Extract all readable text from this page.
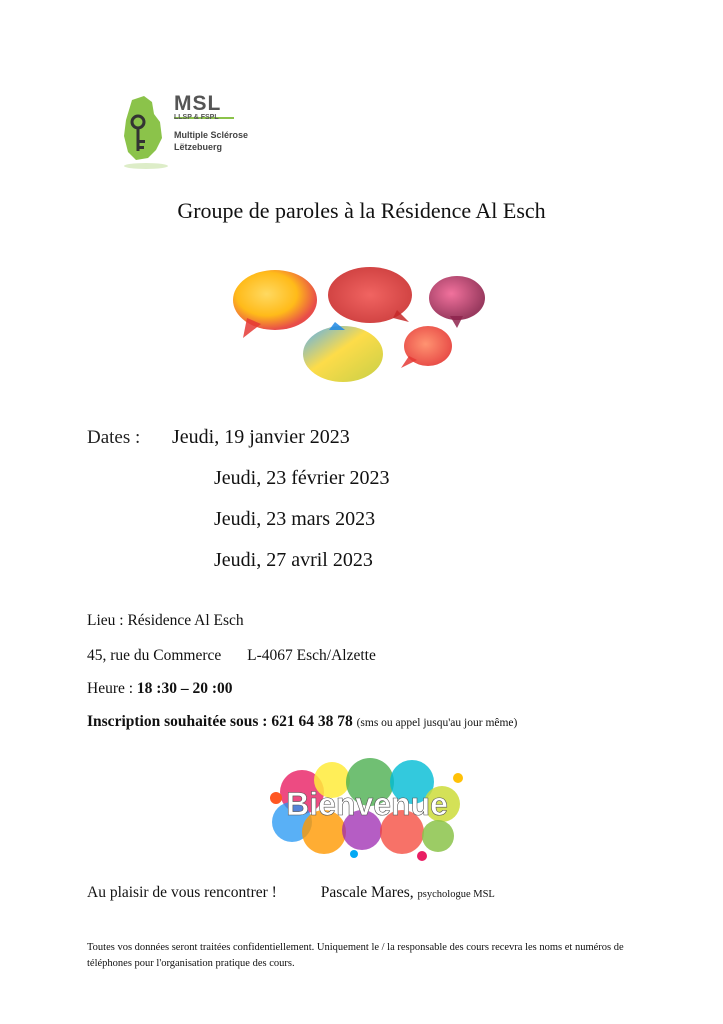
MSL
LLSP & FSPL
Multiple Sclérose
Lëtzebuerg
Groupe de paroles à la Résidence Al Esch
Dates : Jeudi, 19 janvier 2023
Jeudi, 23 février 2023
Jeudi, 23 mars 2023
Jeudi, 27 avril 2023
Lieu : Résidence Al Esch
45, rue du Commerce L-4067 Esch/Alzette
Heure : 18 :30 – 20 :00
Inscription souhaitée sous : 621 64 38 78 (sms ou appel jusqu'au jour même)
Bienvenue
Au plaisir de vous rencontrer !	Pascale Mares, psychologue MSL
Toutes vos données seront traitées confidentiellement. Uniquement le / la responsable des cours recevra les noms et numéros de téléphones pour l'organisation pratique des cours.
